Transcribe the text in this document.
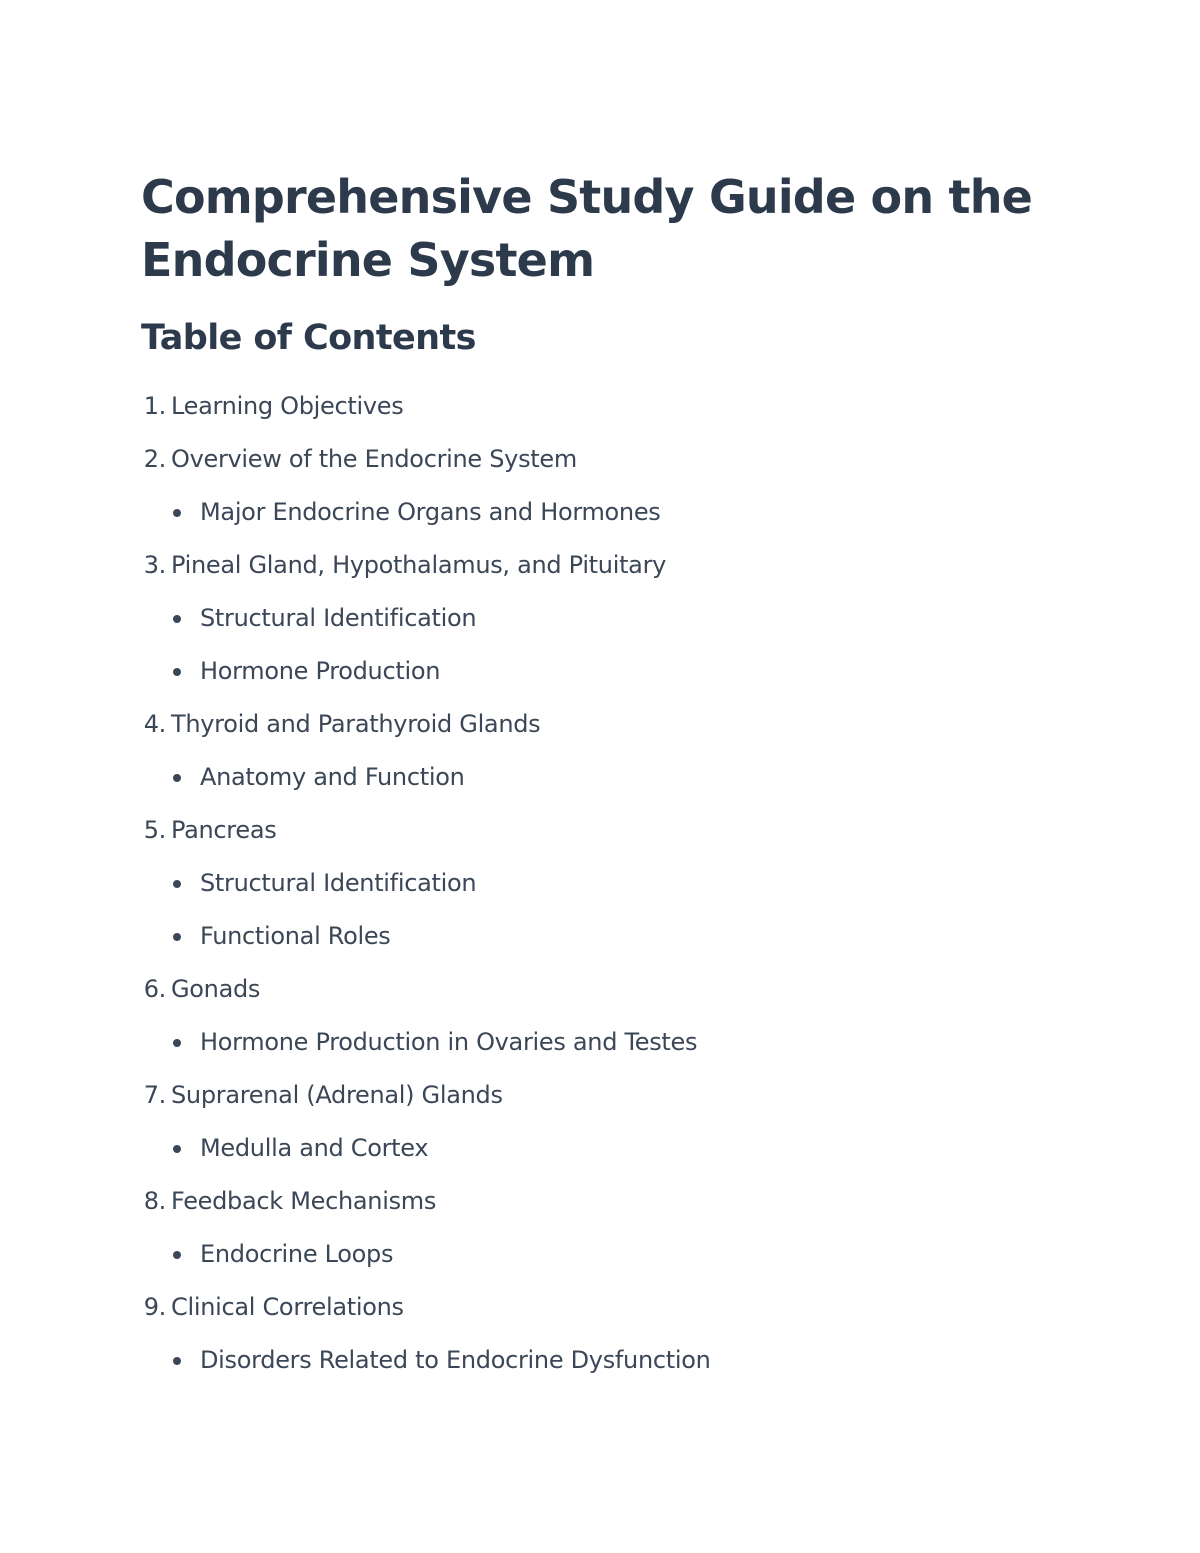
Comprehensive Study Guide on the Endocrine System
Table of Contents
1. Learning Objectives
2. Overview of the Endocrine System
Major Endocrine Organs and Hormones
3. Pineal Gland, Hypothalamus, and Pituitary
Structural Identification
Hormone Production
4. Thyroid and Parathyroid Glands
Anatomy and Function
5. Pancreas
Structural Identification
Functional Roles
6. Gonads
Hormone Production in Ovaries and Testes
7. Suprarenal (Adrenal) Glands
Medulla and Cortex
8. Feedback Mechanisms
Endocrine Loops
9. Clinical Correlations
Disorders Related to Endocrine Dysfunction
